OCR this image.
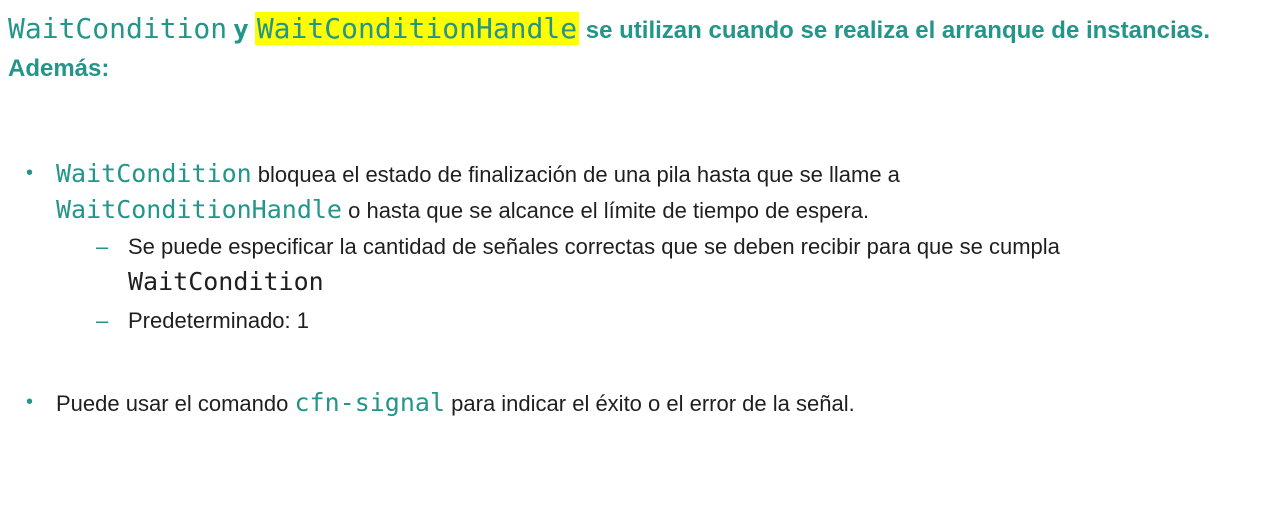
WaitCondition y WaitConditionHandle se utilizan cuando se realiza el arranque de instancias. Además:
• WaitCondition bloquea el estado de finalización de una pila hasta que se llame a
WaitConditionHandle o hasta que se alcance el límite de tiempo de espera.
– Se puede especificar la cantidad de señales correctas que se deben recibir para que se cumpla
WaitCondition
– Predeterminado: 1
• Puede usar el comando cfn-signal para indicar el éxito o el error de la señal.
